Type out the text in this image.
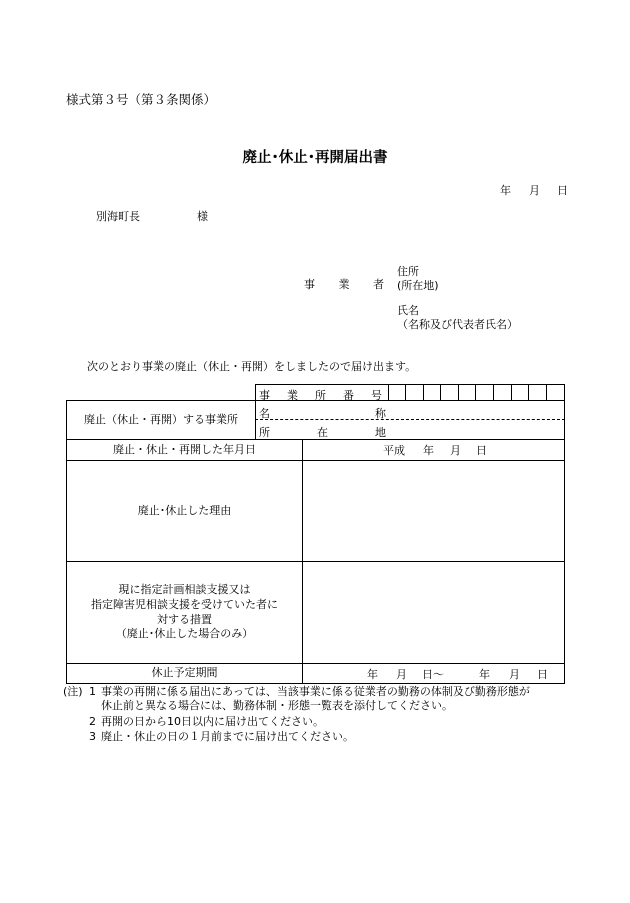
様式第３号（第３条関係）
廃止･休止･再開届出書
年 月 日
別海町長	様
事 業 者
住所
(所在地)
氏名
（名称及び代表者氏名）
次のとおり事業の廃止（休止・再開）をしましたので届け出ます。
事 業 所 番 号
廃止（休止・再開）する事業所	名	称
所	在	地
廃止・休止・再開した年月日	平成 年 月 日
廃止･休止した理由
現に指定計画相談支援又は
指定障害児相談支援を受けていた者に
対する措置
（廃止･休止した場合のみ）
休止予定期間	年 月 日〜	年 月 日
(注) 1 事業の再開に係る届出にあっては、当該事業に係る従業者の勤務の体制及び勤務形態が
休止前と異なる場合には、勤務体制・形態一覧表を添付してください。
2 再開の日から10日以内に届け出てください。
3 廃止・休止の日の１月前までに届け出てください。
